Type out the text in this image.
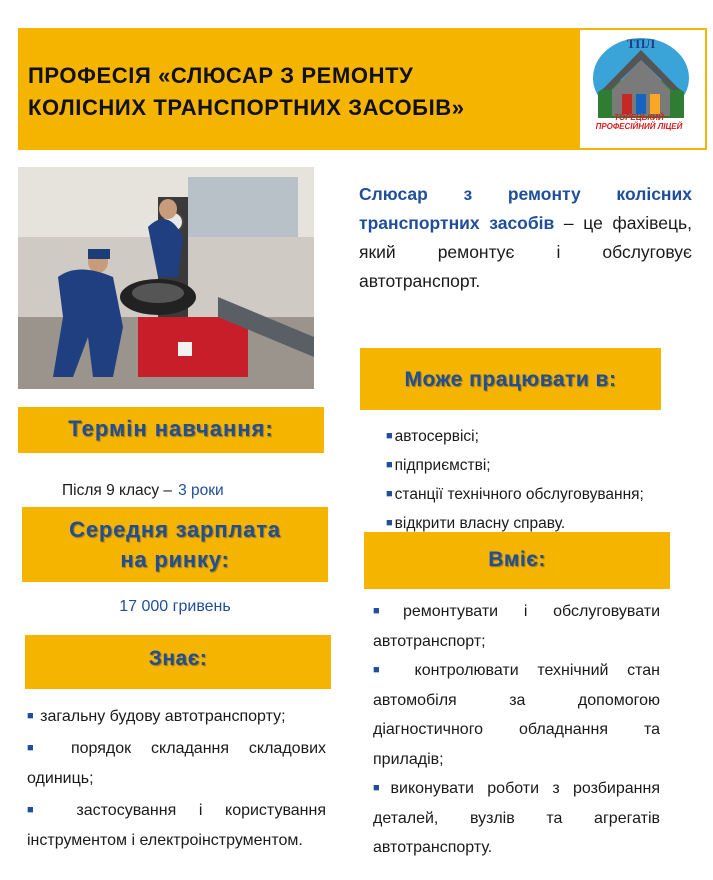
ПРОФЕСІЯ «СЛЮСАР З РЕМОНТУ
КОЛІСНИХ ТРАНСПОРТНИХ ЗАСОБІВ»
ТПЛ
ТОРЕЦЬКИЙ ПРОФЕСІЙНИЙ ЛІЦЕЙ
Слюсар з ремонту колісних транспортних засобів – це фахівець, який ремонтує і обслуговує автотранспорт.
Термін навчання:
Після 9 класу – 3 роки
Середня зарплата
на ринку:
17 000 гривень
Може працювати в:
■ автосервісі;
■ підприємстві;
■ станції технічного обслуговування;
■ відкрити власну справу.
Вміє:

■ ремонтувати і обслуговувати автотранспорт;

■ контролювати технічний стан автомобіля за допомогою діагностичного обладнання та приладів;

■ виконувати роботи з розбирання деталей, вузлів та агрегатів автотранспорту.

Знає:

■ загальну будову автотранспорту;

■ порядок складання складових одиниць;

■ застосування і користування інструментом і електроінструментом.
